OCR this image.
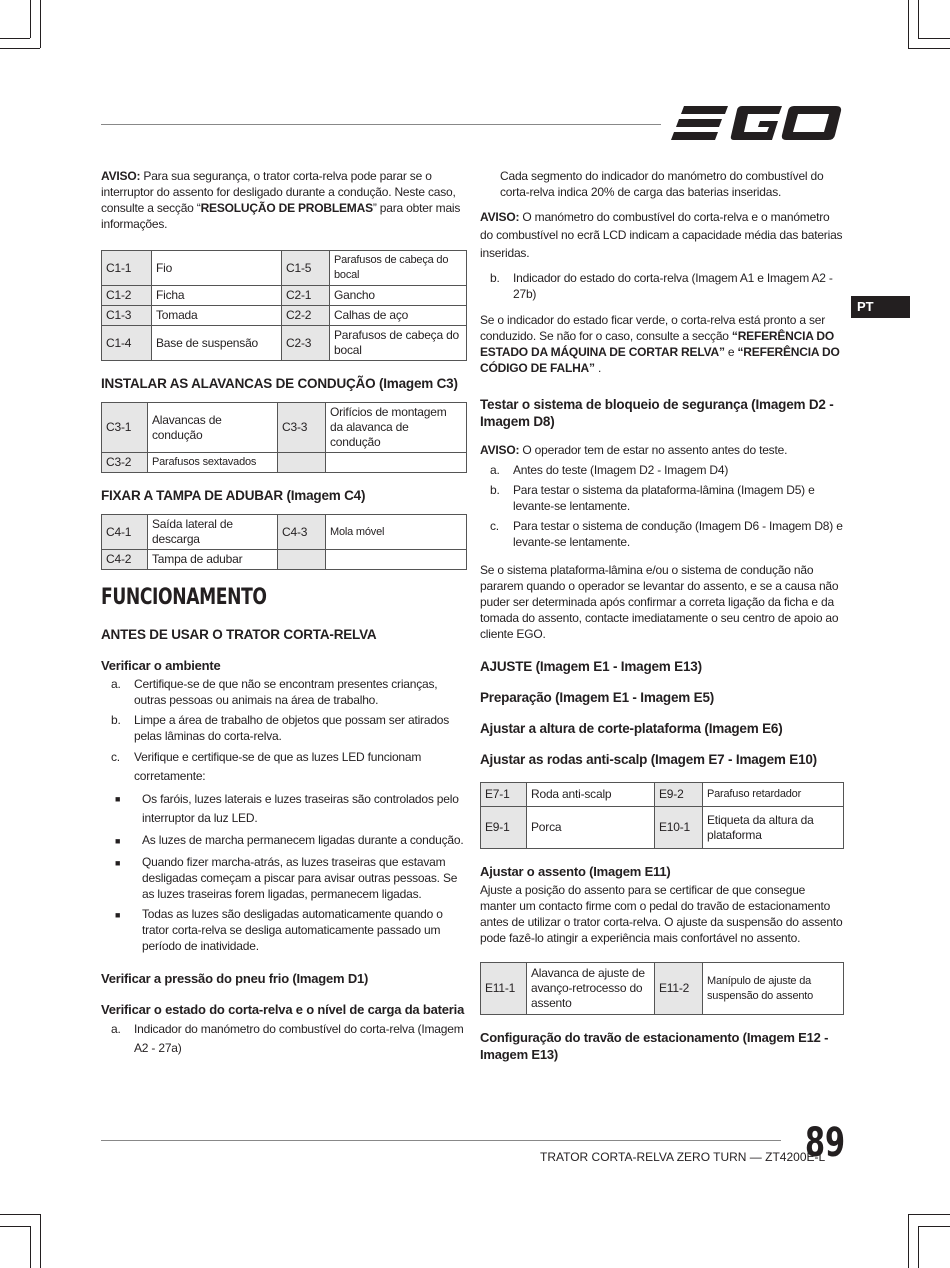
PT

AVISO: Para sua segurança, o trator corta-relva pode parar se o interruptor do assento for desligado durante a condução. Neste caso, consulte a secção “RESOLUÇÃO DE PROBLEMAS” para obter mais informações.

C1-1	Fio	C1-5	Parafusos de cabeça do bocal
C1-2	Ficha	C2-1	Gancho
C1-3	Tomada	C2-2	Calhas de aço
C1-4	Base de suspensão	C2-3	Parafusos de cabeça do bocal
INSTALAR AS ALAVANCAS DE CONDUÇÃO (Imagem C3)
C3-1	Alavancas de condução	C3-3	Orifícios de montagem da alavanca de condução
C3-2	Parafusos sextavados		
FIXAR A TAMPA DE ADUBAR (Imagem C4)
C4-1	Saída lateral de descarga	C4-3	Mola móvel
C4-2	Tampa de adubar		
FUNCIONAMENTO
ANTES DE USAR O TRATOR CORTA-RELVA
Verificar o ambiente
a.	Certifique-se de que não se encontram presentes crianças, outras pessoas ou animais na área de trabalho.
b.	Limpe a área de trabalho de objetos que possam ser atirados pelas lâminas do corta-relva.
c.	Verifique e certifique-se de que as luzes LED funcionam corretamente:
■	Os faróis, luzes laterais e luzes traseiras são controlados pelo interruptor da luz LED.
■	As luzes de marcha permanecem ligadas durante a condução.
■	Quando fizer marcha-atrás, as luzes traseiras que estavam desligadas começam a piscar para avisar outras pessoas. Se as luzes traseiras forem ligadas, permanecem ligadas.
■	Todas as luzes são desligadas automaticamente quando o trator corta-relva se desliga automaticamente passado um período de inatividade.
Verificar a pressão do pneu frio (Imagem D1)
Verificar o estado do corta-relva e o nível de carga da bateria
a.	Indicador do manómetro do combustível do corta-relva (Imagem A2 - 27a)

Cada segmento do indicador do manómetro do combustível do corta-relva indica 20% de carga das baterias inseridas.

AVISO: O manómetro do combustível do corta-relva e o manómetro do combustível no ecrã LCD indicam a capacidade média das baterias inseridas.

b.	Indicador do estado do corta-relva (Imagem A1 e Imagem A2 - 27b)

Se o indicador do estado ficar verde, o corta-relva está pronto a ser conduzido. Se não for o caso, consulte a secção “REFERÊNCIA DO ESTADO DA MÁQUINA DE CORTAR RELVA” e “REFERÊNCIA DO CÓDIGO DE FALHA” .

Testar o sistema de bloqueio de segurança (Imagem D2 - Imagem D8)

AVISO: O operador tem de estar no assento antes do teste.

a.	Antes do teste (Imagem D2 - Imagem D4)
b.	Para testar o sistema da plataforma-lâmina (Imagem D5) e levante-se lentamente.
c.	Para testar o sistema de condução (Imagem D6 - Imagem D8) e levante-se lentamente.

Se o sistema plataforma-lâmina e/ou o sistema de condução não pararem quando o operador se levantar do assento, e se a causa não puder ser determinada após confirmar a correta ligação da ficha e da tomada do assento, contacte imediatamente o seu centro de apoio ao cliente EGO.

AJUSTE (Imagem E1 - Imagem E13)
Preparação (Imagem E1 - Imagem E5)
Ajustar a altura de corte-plataforma (Imagem E6)
Ajustar as rodas anti-scalp (Imagem E7 - Imagem E10)
E7-1	Roda anti-scalp	E9-2	Parafuso retardador
E9-1	Porca	E10-1	Etiqueta da altura da plataforma
Ajustar o assento (Imagem E11)

Ajuste a posição do assento para se certificar de que consegue manter um contacto firme com o pedal do travão de estacionamento antes de utilizar o trator corta-relva. O ajuste da suspensão do assento pode fazê-lo atingir a experiência mais confortável no assento.

E11-1	Alavanca de ajuste de avanço-retrocesso do assento	E11-2	Manípulo de ajuste da suspensão do assento
Configuração do travão de estacionamento (Imagem E12 - Imagem E13)
TRATOR CORTA-RELVA ZERO TURN — ZT4200E-L
89
